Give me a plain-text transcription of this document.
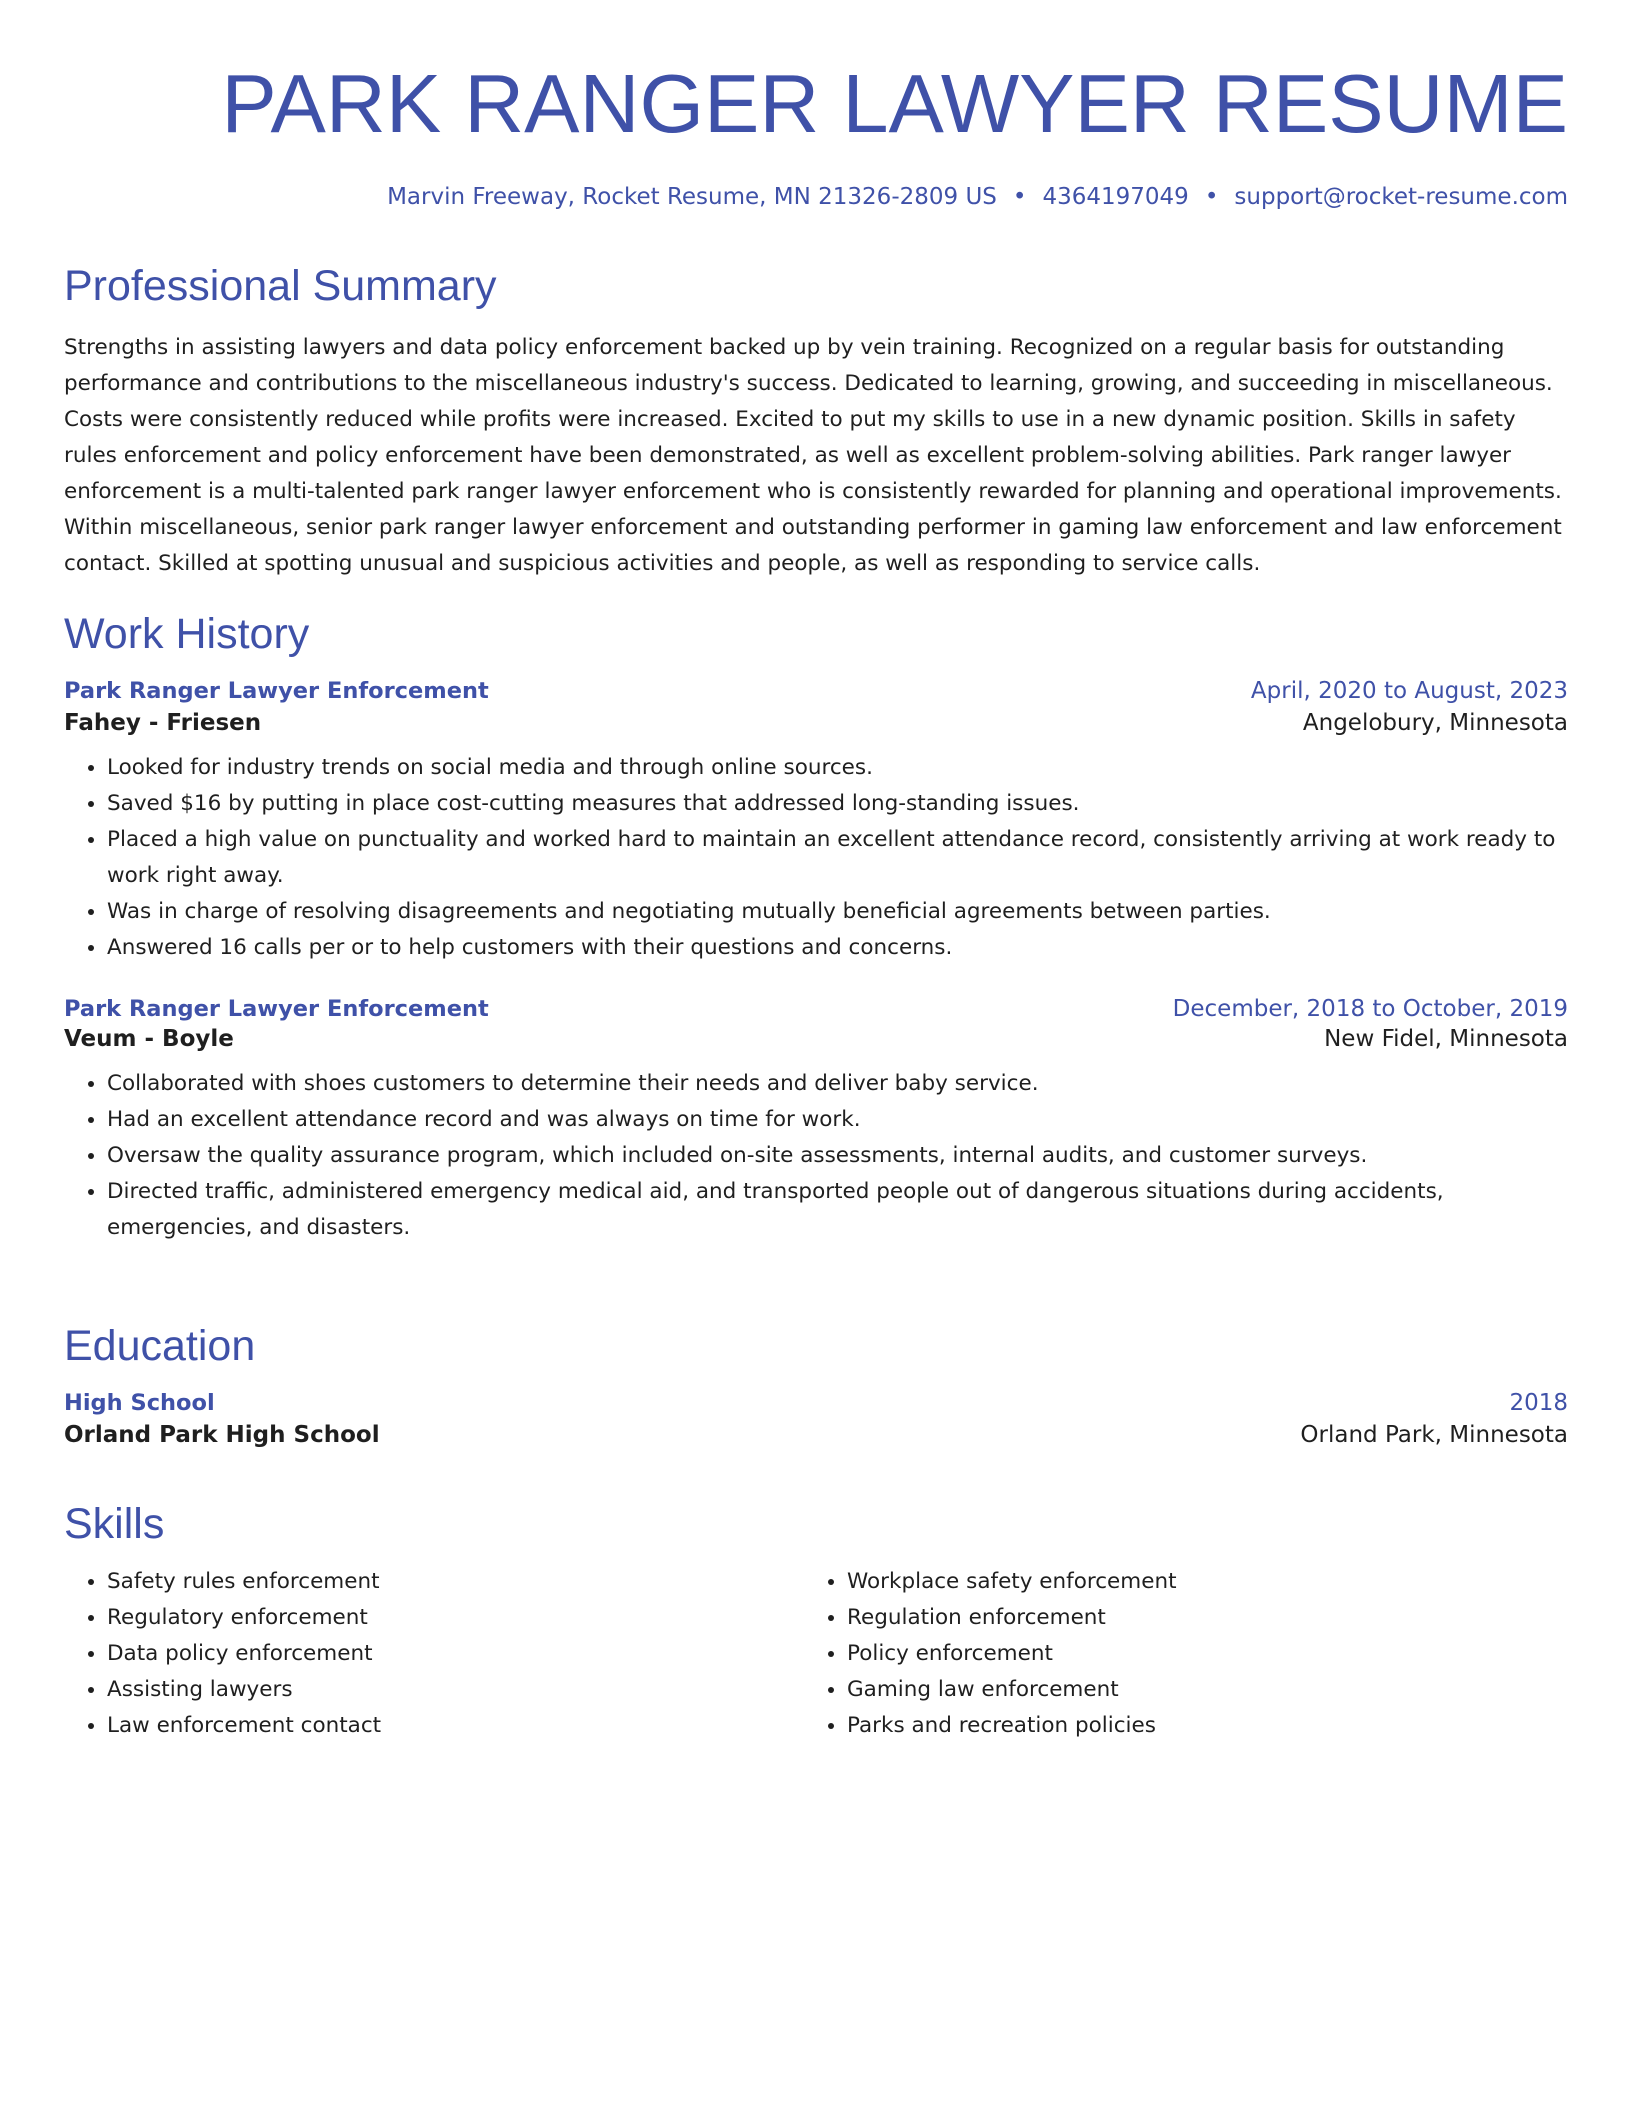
PARK RANGER LAWYER RESUME
Marvin Freeway, Rocket Resume, MN 21326-2809 US • 4364197049 • support@rocket-resume.com
Professional Summary

Strengths in assisting lawyers and data policy enforcement backed up by vein training. Recognized on a regular basis for outstanding performance and contributions to the miscellaneous industry's success. Dedicated to learning, growing, and succeeding in miscellaneous. Costs were consistently reduced while profits were increased. Excited to put my skills to use in a new dynamic position. Skills in safety rules enforcement and policy enforcement have been demonstrated, as well as excellent problem-solving abilities. Park ranger lawyer enforcement is a multi-talented park ranger lawyer enforcement who is consistently rewarded for planning and operational improvements. Within miscellaneous, senior park ranger lawyer enforcement and outstanding performer in gaming law enforcement and law enforcement contact. Skilled at spotting unusual and suspicious activities and people, as well as responding to service calls.

Work History
Park Ranger Lawyer Enforcement	April, 2020 to August, 2023
Fahey - Friesen	Angelobury, Minnesota
• Looked for industry trends on social media and through online sources.
• Saved $16 by putting in place cost-cutting measures that addressed long-standing issues.
• Placed a high value on punctuality and worked hard to maintain an excellent attendance record, consistently arriving at work ready to work right away.
• Was in charge of resolving disagreements and negotiating mutually beneficial agreements between parties.
• Answered 16 calls per or to help customers with their questions and concerns.
Park Ranger Lawyer Enforcement	December, 2018 to October, 2019
Veum - Boyle	New Fidel, Minnesota
• Collaborated with shoes customers to determine their needs and deliver baby service.
• Had an excellent attendance record and was always on time for work.
• Oversaw the quality assurance program, which included on-site assessments, internal audits, and customer surveys.
• Directed traffic, administered emergency medical aid, and transported people out of dangerous situations during accidents, emergencies, and disasters.
Education
High School	2018
Orland Park High School	Orland Park, Minnesota
Skills
• Safety rules enforcement
• Regulatory enforcement
• Data policy enforcement
• Assisting lawyers
• Law enforcement contact
• Workplace safety enforcement
• Regulation enforcement
• Policy enforcement
• Gaming law enforcement
• Parks and recreation policies
